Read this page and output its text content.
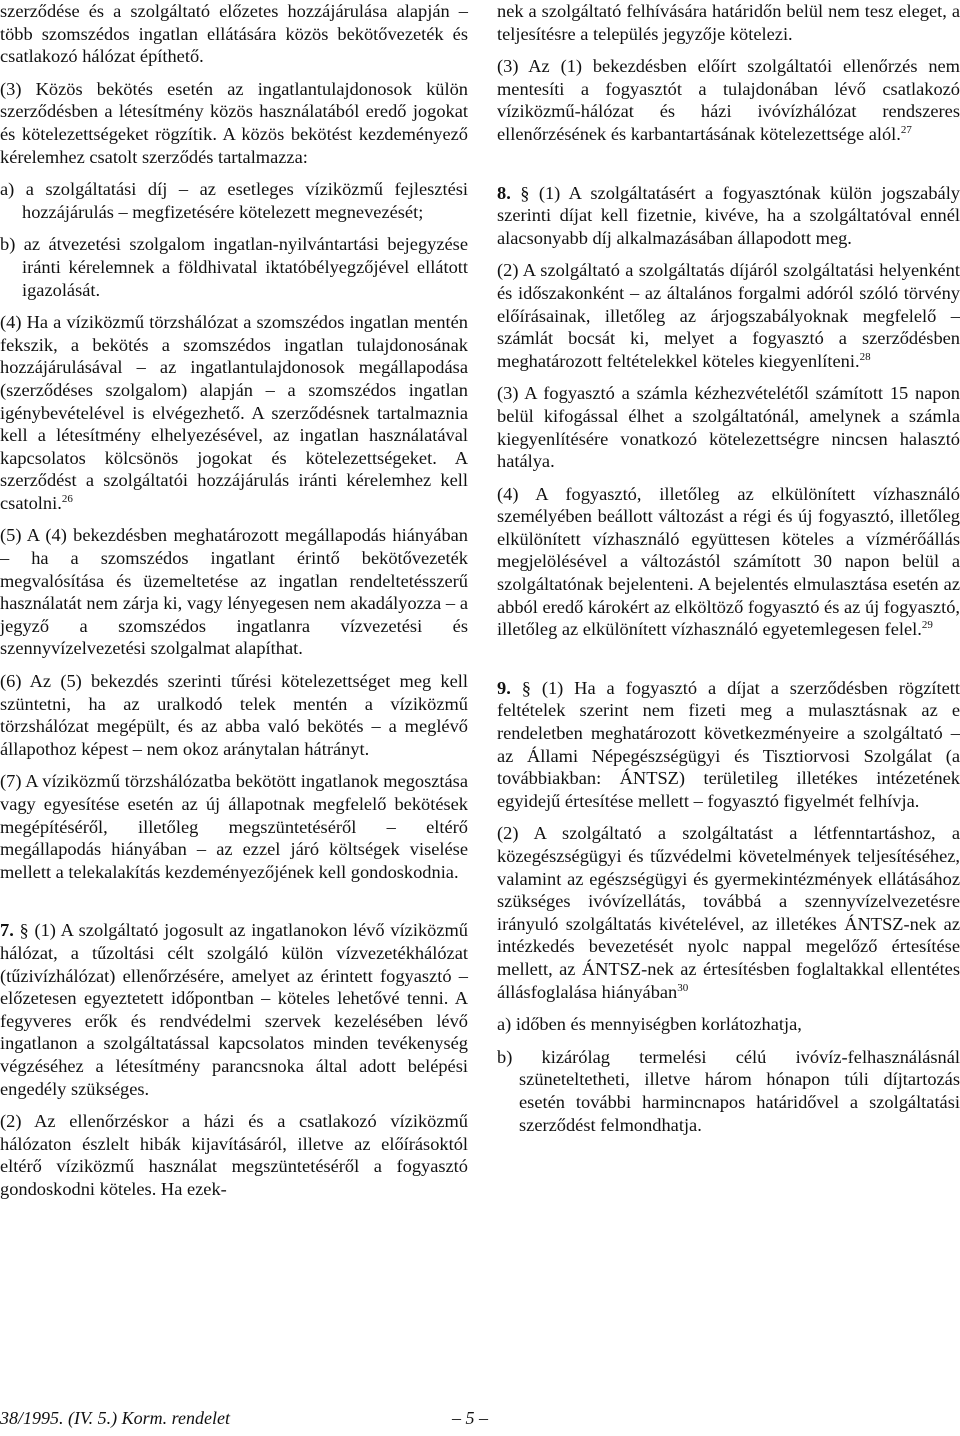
szerződése és a szolgáltató előzetes hozzájárulása alapján – több szomszédos ingatlan ellátására közös bekötővezeték és csatlakozó hálózat építhető.

(3) Közös bekötés esetén az ingatlantulajdonosok külön szerződésben a létesítmény közös használatából eredő jogokat és kötelezettségeket rögzítik. A közös bekötést kezdeményező kérelemhez csatolt szerződés tartalmazza:

a) a szolgáltatási díj – az esetleges víziközmű fejlesztési hozzájárulás – megfizetésére kötelezett megnevezését;

b) az átvezetési szolgalom ingatlan-nyilvántartási bejegyzése iránti kérelemnek a földhivatal iktatóbélyegzőjével ellátott igazolását.

(4) Ha a víziközmű törzshálózat a szomszédos ingatlan mentén fekszik, a bekötés a szomszédos ingatlan tulajdonosának hozzájárulásával – az ingatlantulajdonosok megállapodása (szerződéses szolgalom) alapján – a szomszédos ingatlan igénybevételével is elvégezhető. A szerződésnek tartalmaznia kell a létesítmény elhelyezésével, az ingatlan használatával kapcsolatos kölcsönös jogokat és kötelezettségeket. A szerződést a szolgáltatói hozzájárulás iránti kérelemhez kell csatolni.$^{26}$

(5) A (4) bekezdésben meghatározott megállapodás hiányában – ha a szomszédos ingatlant érintő bekötővezeték megvalósítása és üzemeltetése az ingatlan rendeltetésszerű használatát nem zárja ki, vagy lényegesen nem akadályozza – a jegyző a szomszédos ingatlanra vízvezetési és szennyvízelvezetési szolgalmat alapíthat.

(6) Az (5) bekezdés szerinti tűrési kötelezettséget meg kell szüntetni, ha az uralkodó telek mentén a víziközmű törzshálózat megépült, és az abba való bekötés – a meglévő állapothoz képest – nem okoz aránytalan hátrányt.

(7) A víziközmű törzshálózatba bekötött ingatlanok megosztása vagy egyesítése esetén az új állapotnak megfelelő bekötések megépítéséről, illetőleg megszüntetéséről – eltérő megállapodás hiányában – az ezzel járó költségek viselése mellett a telekalakítás kezdeményezőjének kell gondoskodnia.

7. § (1) A szolgáltató jogosult az ingatlanokon lévő víziközmű hálózat, a tűzoltási célt szolgáló külön vízvezetékhálózat (tűzivízhálózat) ellenőrzésére, amelyet az érintett fogyasztó – előzetesen egyeztetett időpontban – köteles lehetővé tenni. A fegyveres erők és rendvédelmi szervek kezelésében lévő ingatlanon a szolgáltatással kapcsolatos minden tevékenység végzéséhez a létesítmény parancsnoka által adott belépési engedély szükséges.

(2) Az ellenőrzéskor a házi és a csatlakozó víziközmű hálózaton észlelt hibák kijavításáról, illetve az előírásoktól eltérő víziközmű használat megszüntetéséről a fogyasztó gondoskodni köteles. Ha ezek-

nek a szolgáltató felhívására határidőn belül nem tesz eleget, a teljesítésre a település jegyzője kötelezi.

(3) Az (1) bekezdésben előírt szolgáltatói ellenőrzés nem mentesíti a fogyasztót a tulajdonában lévő csatlakozó víziközmű-hálózat és házi ivóvízhálózat rendszeres ellenőrzésének és karbantartásának kötelezettsége alól.$^{27}$

8. § (1) A szolgáltatásért a fogyasztónak külön jogszabály szerinti díjat kell fizetnie, kivéve, ha a szolgáltatóval ennél alacsonyabb díj alkalmazásában állapodott meg.

(2) A szolgáltató a szolgáltatás díjáról szolgáltatási helyenként és időszakonként – az általános forgalmi adóról szóló törvény előírásainak, illetőleg az árjogszabályoknak megfelelő – számlát bocsát ki, melyet a fogyasztó a szerződésben meghatározott feltételekkel köteles kiegyenlíteni.$^{28}$

(3) A fogyasztó a számla kézhezvételétől számított 15 napon belül kifogással élhet a szolgáltatónál, amelynek a számla kiegyenlítésére vonatkozó kötelezettségre nincsen halasztó hatálya.

(4) A fogyasztó, illetőleg az elkülönített vízhasználó személyében beállott változást a régi és új fogyasztó, illetőleg elkülönített vízhasználó együttesen köteles a vízmérőállás megjelölésével a változástól számított 30 napon belül a szolgáltatónak bejelenteni. A bejelentés elmulasztása esetén az abból eredő károkért az elköltöző fogyasztó és az új fogyasztó, illetőleg az elkülönített vízhasználó egyetemlegesen felel.$^{29}$

9. § (1) Ha a fogyasztó a díjat a szerződésben rögzített feltételek szerint nem fizeti meg a mulasztásnak az e rendeletben meghatározott következményeire a szolgáltató – az Állami Népegészségügyi és Tisztiorvosi Szolgálat (a továbbiakban: ÁNTSZ) területileg illetékes intézetének egyidejű értesítése mellett – fogyasztó figyelmét felhívja.

(2) A szolgáltató a szolgáltatást a létfenntartáshoz, a közegészségügyi és tűzvédelmi követelmények teljesítéséhez, valamint az egészségügyi és gyermekintézmények ellátásához szükséges ivóvízellátás, továbbá a szennyvízelvezetésre irányuló szolgáltatás kivételével, az illetékes ÁNTSZ-nek az intézkedés bevezetését nyolc nappal megelőző értesítése mellett, az ÁNTSZ-nek az értesítésben foglaltakkal ellentétes állásfoglalása hiányában$^{30}$

a) időben és mennyiségben korlátozhatja,

b) kizárólag termelési célú ivóvíz-felhasználásnál szüneteltetheti, illetve három hónapon túli díjtartozás esetén további harmincnapos határidővel a szolgáltatási szerződést felmondhatja.

38/1995. (IV. 5.) Korm. rendelet	– 5 –
